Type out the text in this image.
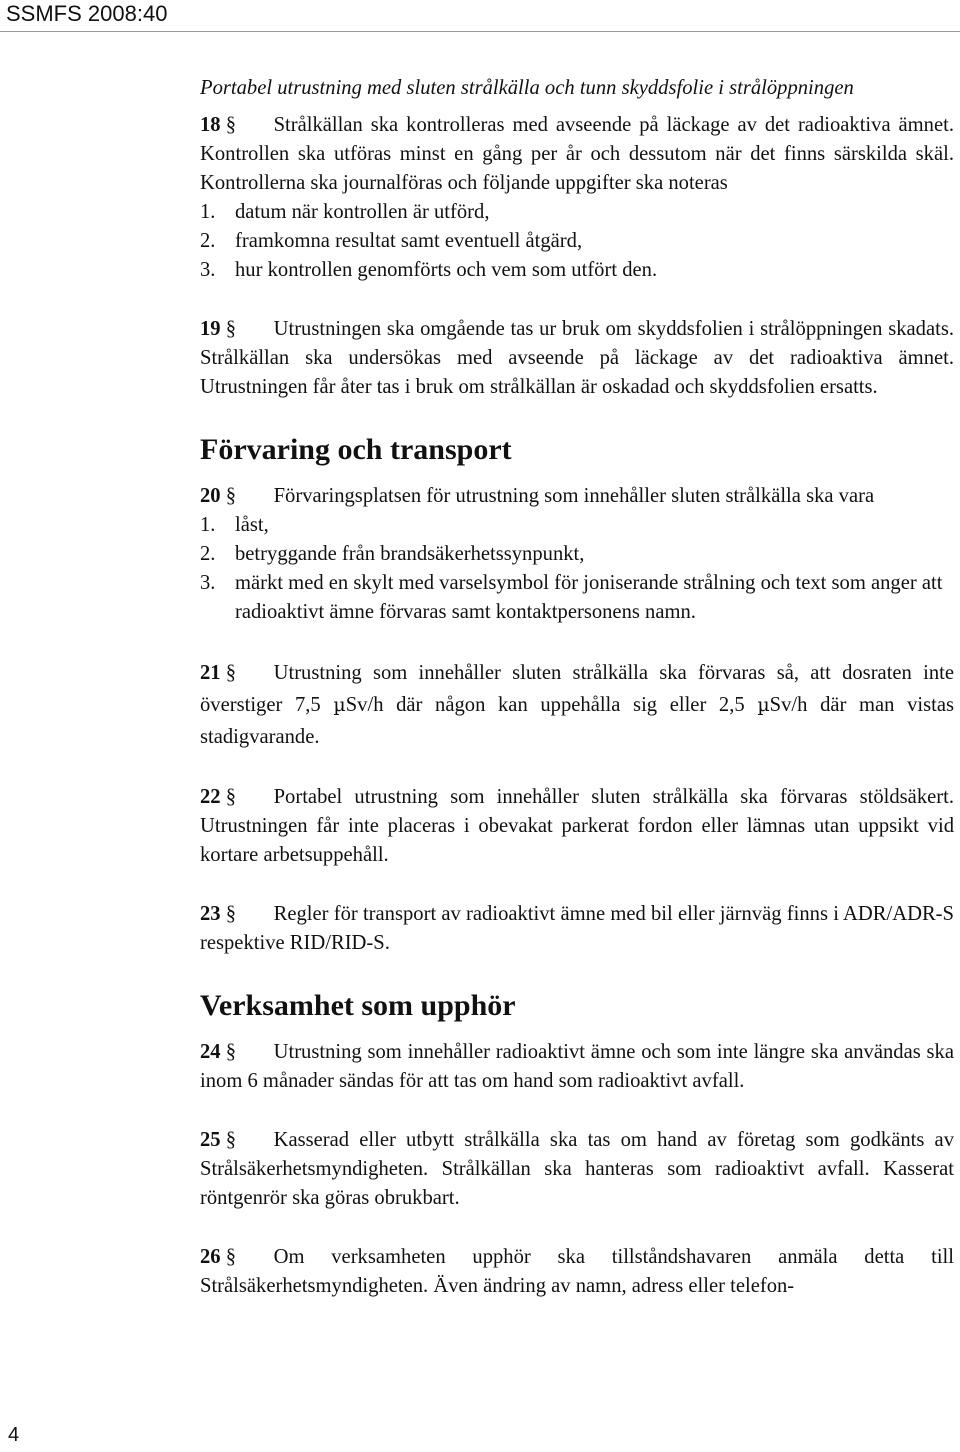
SSMFS 2008:40

Portabel utrustning med sluten strålkälla och tunn skyddsfolie i strålöppningen

18 § Strålkällan ska kontrolleras med avseende på läckage av det radioaktiva ämnet. Kontrollen ska utföras minst en gång per år och dessutom när det finns särskilda skäl. Kontrollerna ska journalföras och följande uppgifter ska noteras

1. datum när kontrollen är utförd,

2. framkomna resultat samt eventuell åtgärd,

3. hur kontrollen genomförts och vem som utfört den.

19 § Utrustningen ska omgående tas ur bruk om skyddsfolien i strålöppningen skadats. Strålkällan ska undersökas med avseende på läckage av det radioaktiva ämnet. Utrustningen får åter tas i bruk om strålkällan är oskadad och skyddsfolien ersatts.

Förvaring och transport

20 § Förvaringsplatsen för utrustning som innehåller sluten strålkälla ska vara

1. låst,

2. betryggande från brandsäkerhetssynpunkt,

3. märkt med en skylt med varselsymbol för joniserande strålning och text som anger att radioaktivt ämne förvaras samt kontaktpersonens namn.

21 § Utrustning som innehåller sluten strålkälla ska förvaras så, att dosraten inte överstiger 7,5 µSv/h där någon kan uppehålla sig eller 2,5 µSv/h där man vistas stadigvarande.

22 § Portabel utrustning som innehåller sluten strålkälla ska förvaras stöldsäkert. Utrustningen får inte placeras i obevakat parkerat fordon eller lämnas utan uppsikt vid kortare arbetsuppehåll.

23 § Regler för transport av radioaktivt ämne med bil eller järnväg finns i ADR/ADR-S respektive RID/RID-S.

Verksamhet som upphör

24 § Utrustning som innehåller radioaktivt ämne och som inte längre ska användas ska inom 6 månader sändas för att tas om hand som radioaktivt avfall.

25 § Kasserad eller utbytt strålkälla ska tas om hand av företag som godkänts av Strålsäkerhetsmyndigheten. Strålkällan ska hanteras som radioaktivt avfall. Kasserat röntgenrör ska göras obrukbart.

26 § Om verksamheten upphör ska tillståndshavaren anmäla detta till Strålsäkerhetsmyndigheten. Även ändring av namn, adress eller telefon-

4
